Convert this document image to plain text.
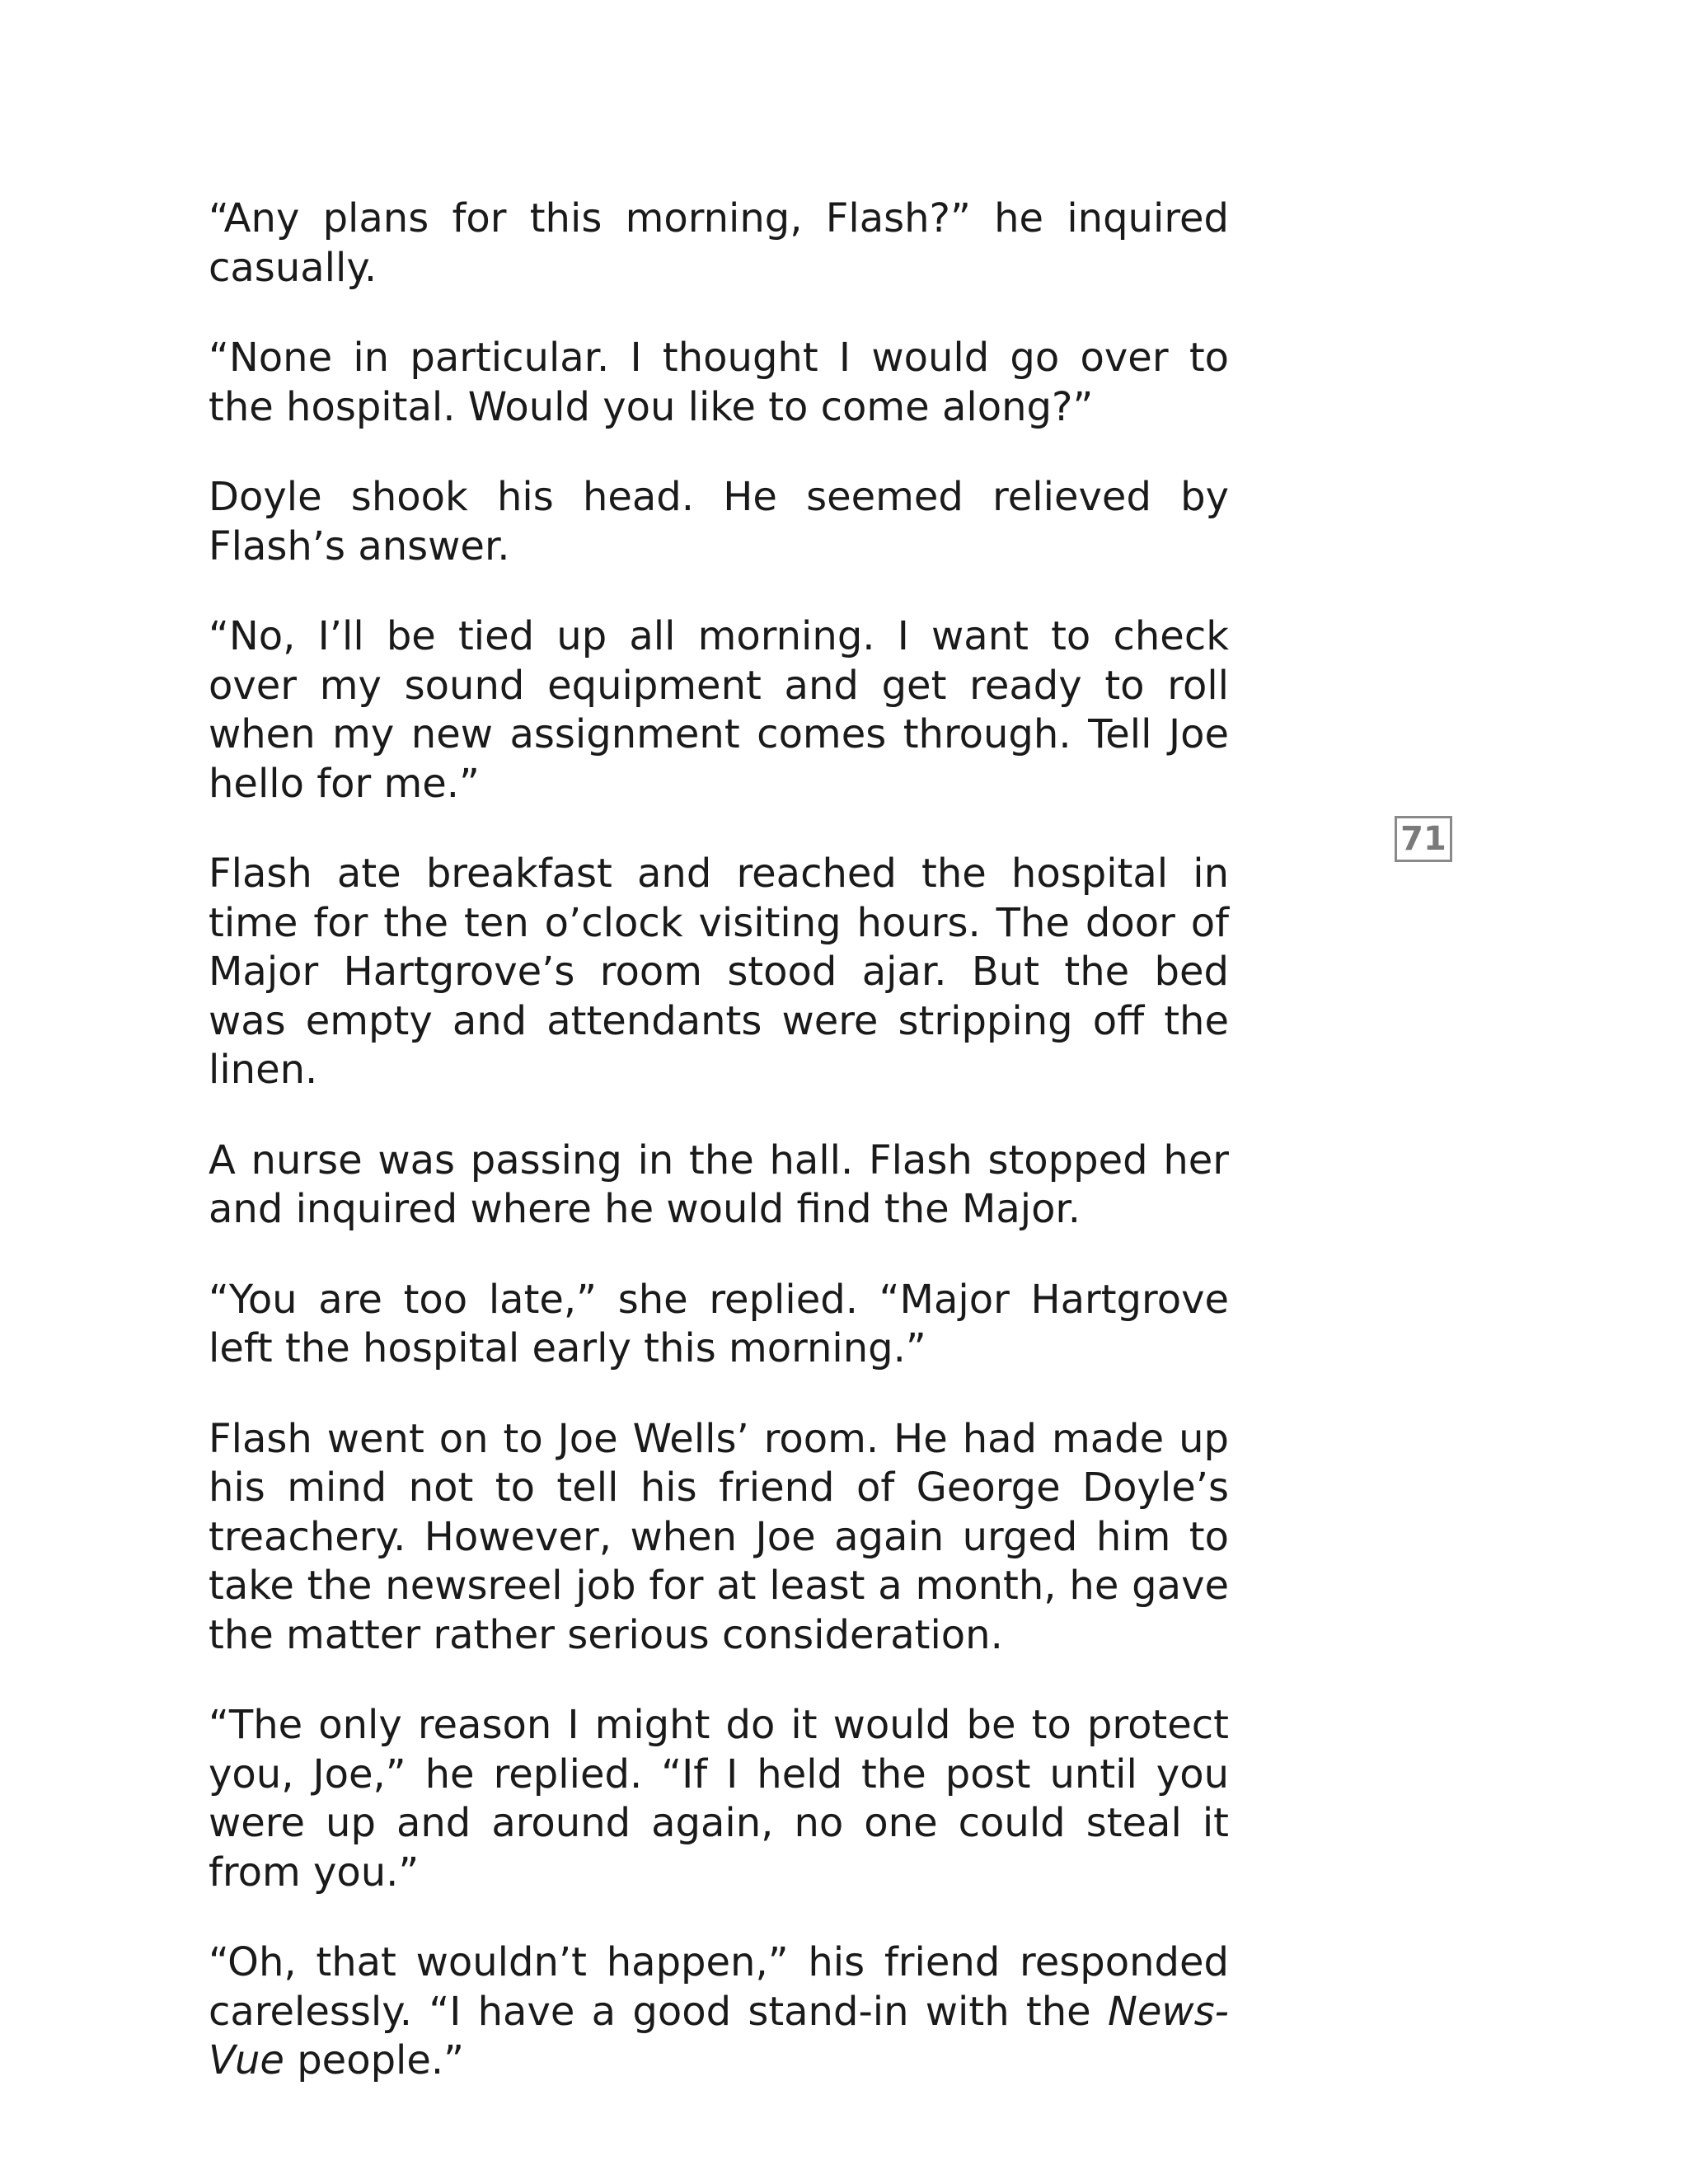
“Any plans for this morning, Flash?” he inquired casually.

“None in particular. I thought I would go over to the hospital. Would you like to come along?”

Doyle shook his head. He seemed relieved by Flash’s answer.

“No, I’ll be tied up all morning. I want to check over my sound equipment and get ready to roll when my new assignment comes through. Tell Joe hello for me.”

Flash ate breakfast and reached the hospital in time for the ten o’clock visiting hours. The door of Major Hartgrove’s room stood ajar. But the bed was empty and attendants were stripping off the linen.

A nurse was passing in the hall. Flash stopped her and inquired where he would find the Major.

“You are too late,” she replied. “Major Hartgrove left the hospital early this morning.”

Flash went on to Joe Wells’ room. He had made up his mind not to tell his friend of George Doyle’s treachery. However, when Joe again urged him to take the newsreel job for at least a month, he gave the matter rather serious consideration.

“The only reason I might do it would be to protect you, Joe,” he replied. “If I held the post until you were up and around again, no one could steal it from you.”

“Oh, that wouldn’t happen,” his friend responded carelessly. “I have a good stand-in with the News-Vue people.”

71
